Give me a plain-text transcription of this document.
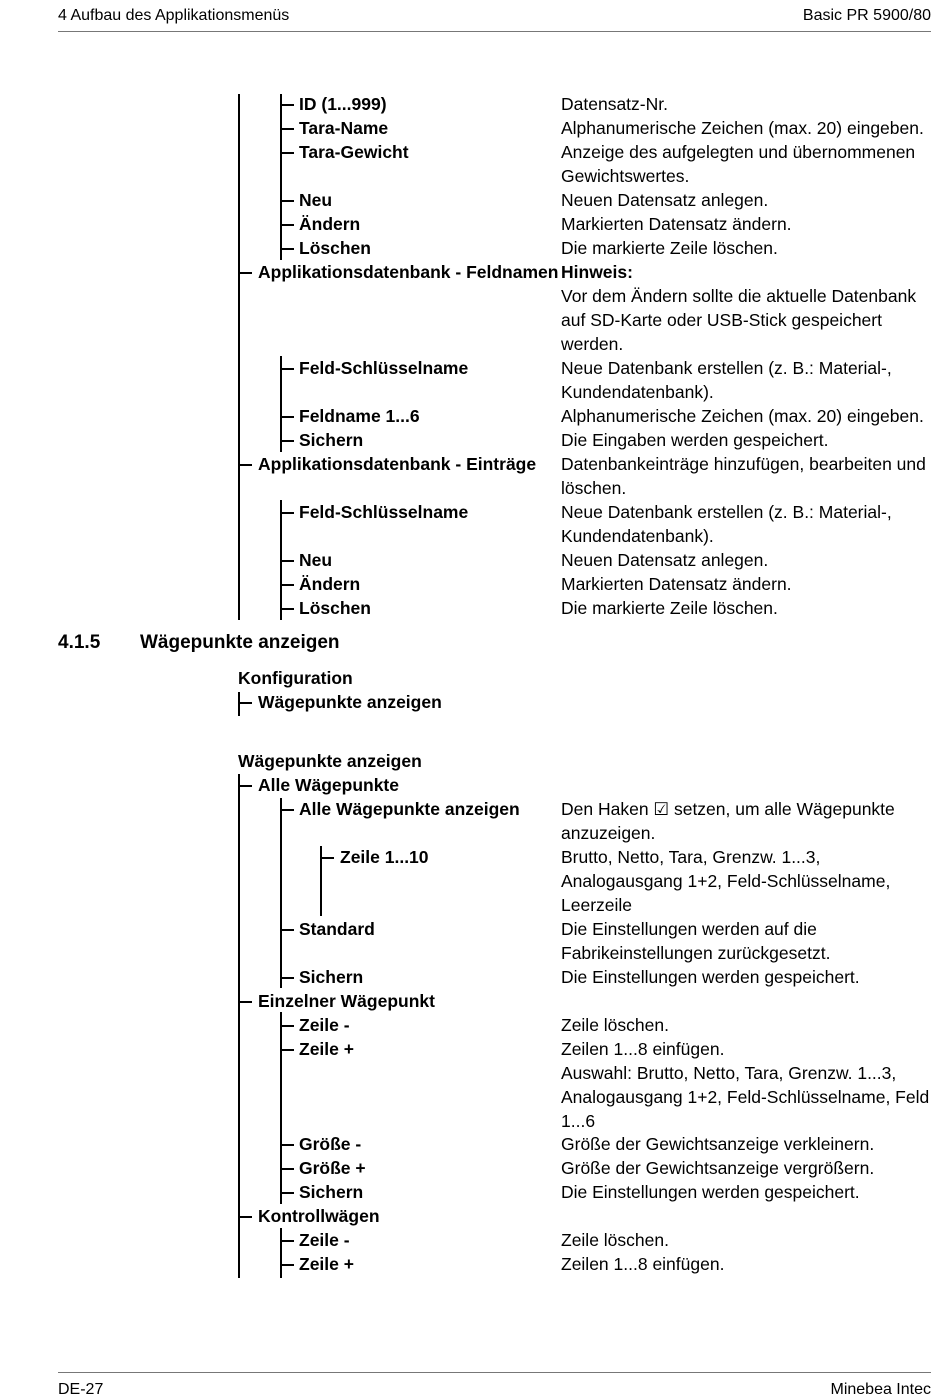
4 Aufbau des Applikationsmenüs	Basic PR 5900/80
ID (1...999)
Tara-Name
Tara-Gewicht
Neu
Ändern
Löschen
Applikationsdatenbank - Feldnamen
Feld-Schlüsselname
Feldname 1...6
Sichern
Applikationsdatenbank - Einträge
Feld-Schlüsselname
Neu
Ändern
Löschen
Datensatz-Nr.
Alphanumerische Zeichen (max. 20) eingeben.
Anzeige des aufgelegten und übernommenen Gewichtswertes.
Neuen Datensatz anlegen.
Markierten Datensatz ändern.
Die markierte Zeile löschen.
Hinweis:
Vor dem Ändern sollte die aktuelle Datenbank auf SD-Karte oder USB-Stick gespeichert werden.
Neue Datenbank erstellen (z. B.: Material-, Kundendatenbank).
Alphanumerische Zeichen (max. 20) eingeben.
Die Eingaben werden gespeichert.
Datenbankeinträge hinzufügen, bearbeiten und löschen.
Neue Datenbank erstellen (z. B.: Material-, Kundendatenbank).
Neuen Datensatz anlegen.
Markierten Datensatz ändern.
Die markierte Zeile löschen.
4.1.5 Wägepunkte anzeigen
Konfiguration
Wägepunkte anzeigen
Wägepunkte anzeigen
Alle Wägepunkte
Alle Wägepunkte anzeigen
Zeile 1...10
Standard
Sichern
Einzelner Wägepunkt
Zeile -
Zeile +
Größe -
Größe +
Sichern
Kontrollwägen
Zeile -
Zeile +
Den Haken ☑ setzen, um alle Wägepunkte anzuzeigen.
Brutto, Netto, Tara, Grenzw. 1...3, Analogausgang 1+2, Feld-Schlüsselname, Leerzeile
Die Einstellungen werden auf die Fabrikeinstellungen zurückgesetzt.
Die Einstellungen werden gespeichert.
Zeile löschen.
Zeilen 1...8 einfügen.
Auswahl: Brutto, Netto, Tara, Grenzw. 1...3, Analogausgang 1+2, Feld-Schlüsselname, Feld 1...6
Größe der Gewichtsanzeige verkleinern.
Größe der Gewichtsanzeige vergrößern.
Die Einstellungen werden gespeichert.
Zeile löschen.
Zeilen 1...8 einfügen.
DE-27	Minebea Intec
